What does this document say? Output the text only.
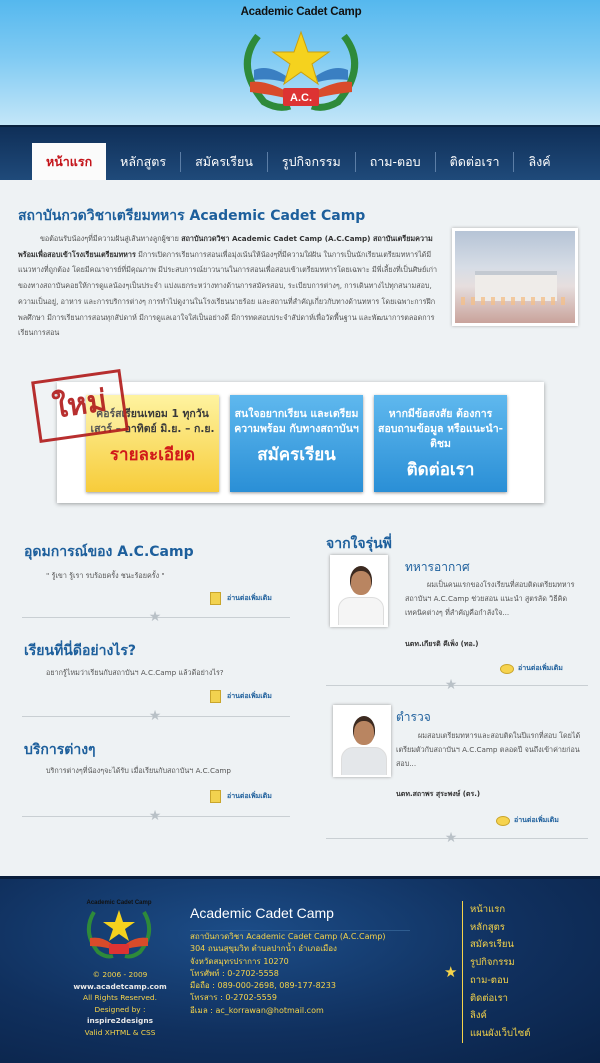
Academic Cadet Camp
A.C.
หน้าแรก	หลักสูตร	สมัครเรียน	รูปกิจกรรม	ถาม-ตอบ	ติดต่อเรา	ลิงค์
สถาบันกวดวิชาเตรียมทหาร Academic Cadet Camp
ขอต้อนรับน้องๆที่มีความฝันสู่เส้นทางลูกผู้ชาย สถาบันกวดวิชา Academic Cadet Camp (A.C.Camp) สถาบันเตรียมความพร้อมเพื่อสอบเข้าโรงเรียนเตรียมทหาร มีการเปิดการเรียนการสอนเพื่อมุ่งเน้นให้น้องๆที่มีความใฝ่ฝัน ในการเป็นนักเรียนเตรียมทหารได้มีแนวทางที่ถูกต้อง โดยมีคณาจารย์ที่มีคุณภาพ มีประสบการณ์ยาวนานในการสอนเพื่อสอบเข้าเตรียมทหารโดยเฉพาะ มีพี่เลี้ยงที่เป็นศิษย์เก่าของทางสถาบันคอยให้การดูแลน้องๆเป็นประจำ แบ่งแยกระหว่างทางด้านการสมัครสอบ, ระเบียบการต่างๆ, การเดินทางไปทุกสนามสอบ, ความเป็นอยู่, อาหาร และการบริการต่างๆ การทำไปดูงานในโรงเรียนนายร้อย และสถานที่สำคัญเกี่ยวกับทางด้านทหาร โดยเฉพาะการฝึกพลศึกษา มีการเรียนการสอนทุกสัปดาห์ มีการดูแลเอาใจใส่เป็นอย่างดี มีการทดสอบประจำสัปดาห์เพื่อวัดพื้นฐาน และพัฒนาการตลอดการเรียนการสอน
คอร์สเรียนเทอม 1 ทุกวันเสาร์ – อาทิตย์ มิ.ย. – ก.ย.
รายละเอียด
สนใจอยากเรียน และเตรียมความพร้อม กับทางสถาบันฯ
สมัครเรียน
หากมีข้อสงสัย ต้องการสอบถามข้อมูล หรือแนะนำ-ติชม
ติดต่อเรา
ใหม่
อุดมการณ์ของ A.C.Camp
" รู้เขา รู้เรา รบร้อยครั้ง ชนะร้อยครั้ง "
อ่านต่อเพิ่มเติม
★
เรียนที่นี่ดีอย่างไร?
อยากรู้ไหมว่าเรียนกับสถาบันฯ A.C.Camp แล้วดีอย่างไร?
อ่านต่อเพิ่มเติม
★
บริการต่างๆ
บริการต่างๆที่น้องๆจะได้รับ เมื่อเรียนกับสถาบันฯ A.C.Camp
อ่านต่อเพิ่มเติม
★
จากใจรุ่นพี่
ทหารอากาศ
ผมเป็นคนแรกของโรงเรียนที่สอบติดเตรียมทหาร สถาบันฯ A.C.Camp ช่วยสอน แนะนำ สูตรลัด วิธีคิด เทคนิคต่างๆ ที่สำคัญคือกำลังใจ...
นตท.เกียรติ คีเพ็ง (ทอ.)
อ่านต่อเพิ่มเติม
★
ตำรวจ
ผมสอบเตรียมทหารและสอบติดในปีแรกที่สอบ โดยได้เตรียมตัวกับสถาบันฯ A.C.Camp ตลอดปี จนถึงเข้าค่ายก่อนสอบ...
นตท.สถาพร สุระพงษ์ (ตร.)
อ่านต่อเพิ่มเติม
★
Academic Cadet Camp
© 2006 - 2009
www.acadetcamp.com
All Rights Reserved.
Designed by :
inspire2designs
Valid XHTML & CSS
Academic Cadet Camp
สถาบันกวดวิชา Academic Cadet Camp (A.C.Camp)
304 ถนนสุขุมวิท ตำบลปากน้ำ อำเภอเมือง
จังหวัดสมุทรปราการ 10270
โทรศัพท์ : 0-2702-5558
มือถือ : 089-000-2698, 089-177-8233
โทรสาร : 0-2702-5559
อีเมล : ac_korrawan@hotmail.com
★
หน้าแรก
หลักสูตร
สมัครเรียน
รูปกิจกรรม
ถาม-ตอบ
ติดต่อเรา
ลิงค์
แผนผังเว็บไซต์
